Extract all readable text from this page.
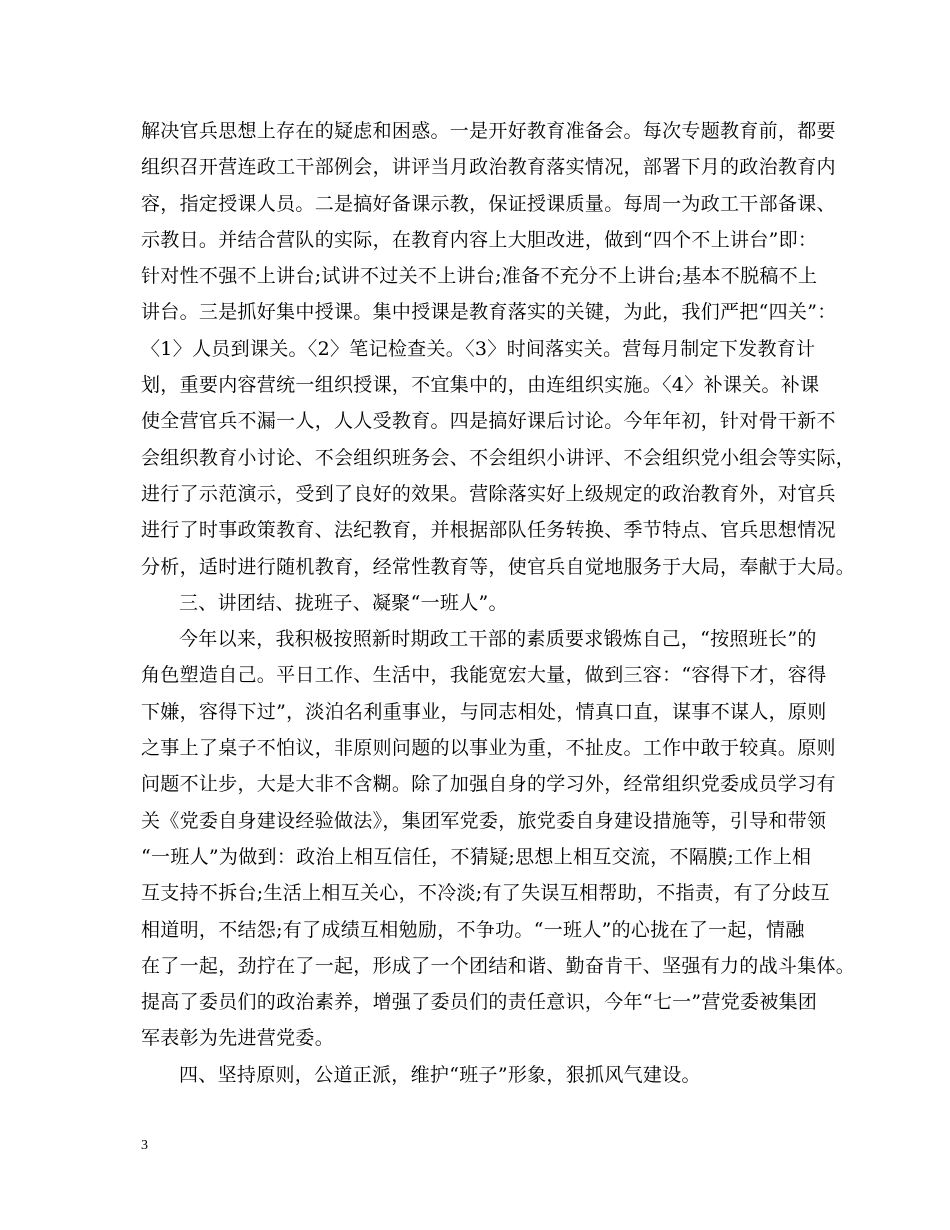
解决官兵思想上存在的疑虑和困惑。一是开好教育准备会。每次专题教育前，都要
组织召开营连政工干部例会，讲评当月政治教育落实情况，部署下月的政治教育内
容，指定授课人员。二是搞好备课示教，保证授课质量。每周一为政工干部备课、
示教日。并结合营队的实际，在教育内容上大胆改进，做到“四个不上讲台”即：
针对性不强不上讲台;试讲不过关不上讲台;准备不充分不上讲台;基本不脱稿不上
讲台。三是抓好集中授课。集中授课是教育落实的关键，为此，我们严把“四关”：
〈1〉人员到课关。〈2〉笔记检查关。〈3〉时间落实关。营每月制定下发教育计
划，重要内容营统一组织授课，不宜集中的，由连组织实施。〈4〉补课关。补课
使全营官兵不漏一人，人人受教育。四是搞好课后讨论。今年年初，针对骨干新不
会组织教育小讨论、不会组织班务会、不会组织小讲评、不会组织党小组会等实际，
进行了示范演示，受到了良好的效果。营除落实好上级规定的政治教育外，对官兵
进行了时事政策教育、法纪教育，并根据部队任务转换、季节特点、官兵思想情况
分析，适时进行随机教育，经常性教育等，使官兵自觉地服务于大局，奉献于大局。
三、讲团结、拢班子、凝聚“一班人”。
今年以来，我积极按照新时期政工干部的素质要求锻炼自己，“按照班长”的
角色塑造自己。平日工作、生活中，我能宽宏大量，做到三容：“容得下才，容得
下嫌，容得下过”，淡泊名利重事业，与同志相处，情真口直，谋事不谋人，原则
之事上了桌子不怕议，非原则问题的以事业为重，不扯皮。工作中敢于较真。原则
问题不让步，大是大非不含糊。除了加强自身的学习外，经常组织党委成员学习有
关《党委自身建设经验做法》，集团军党委，旅党委自身建设措施等，引导和带领
“一班人”为做到：政治上相互信任，不猜疑;思想上相互交流，不隔膜;工作上相
互支持不拆台;生活上相互关心，不冷淡;有了失误互相帮助，不指责，有了分歧互
相道明，不结怨;有了成绩互相勉励，不争功。“一班人”的心拢在了一起，情融
在了一起，劲拧在了一起，形成了一个团结和谐、勤奋肯干、坚强有力的战斗集体。
提高了委员们的政治素养，增强了委员们的责任意识，今年“七一”营党委被集团
军表彰为先进营党委。
四、坚持原则，公道正派，维护“班子”形象，狠抓风气建设。
3
